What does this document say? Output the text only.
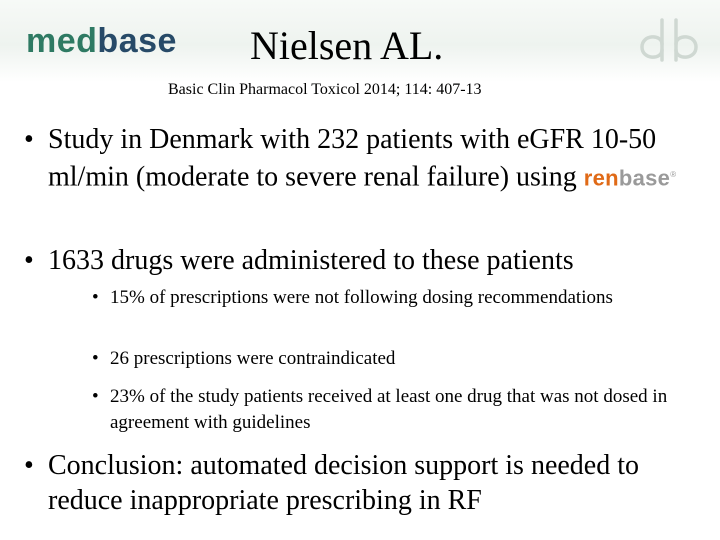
medbase Nielsen AL.

Basic Clin Pharmacol Toxicol 2014; 114: 407-13

• Study in Denmark with 232 patients with eGFR 10-50 ml/min (moderate to severe renal failure) using renbase®
• 1633 drugs were administered to these patients
• 15% of prescriptions were not following dosing recommendations
• 26 prescriptions were contraindicated
• 23% of the study patients received at least one drug that was not dosed in agreement with guidelines
• Conclusion: automated decision support is needed to reduce inappropriate prescribing in RF
